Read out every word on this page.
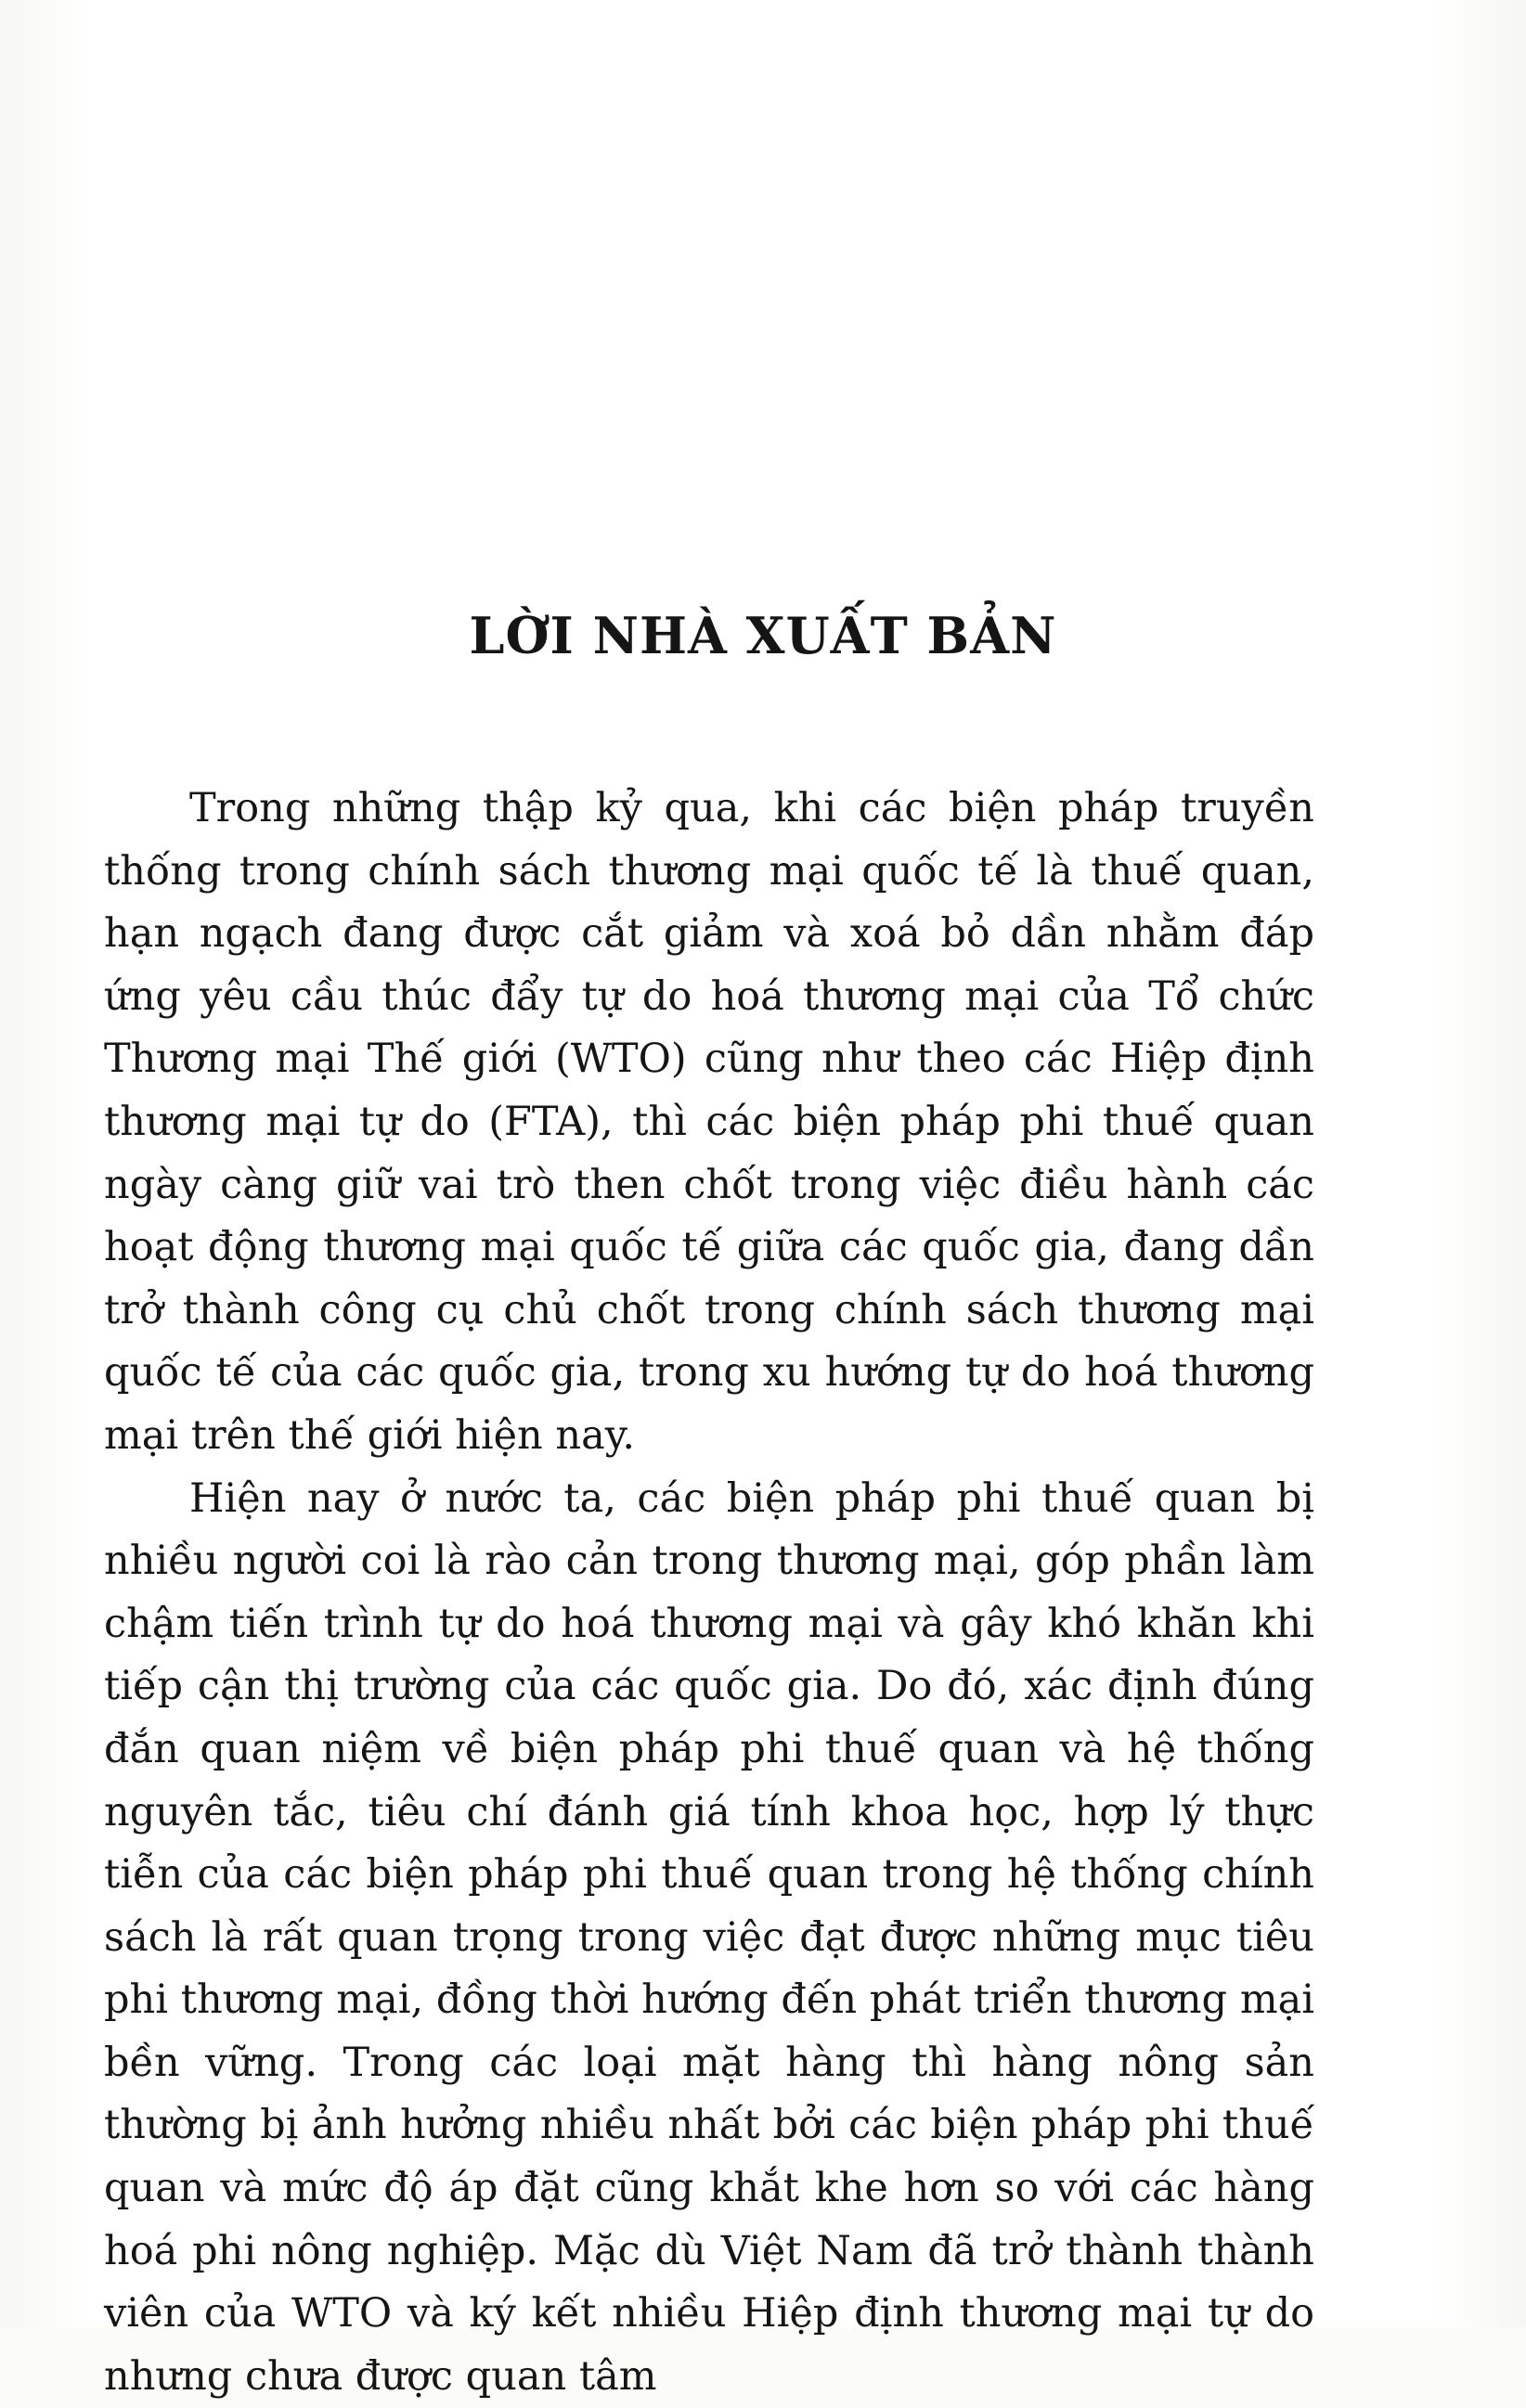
LỜI NHÀ XUẤT BẢN

Trong những thập kỷ qua, khi các biện pháp truyền thống trong chính sách thương mại quốc tế là thuế quan, hạn ngạch đang được cắt giảm và xoá bỏ dần nhằm đáp ứng yêu cầu thúc đẩy tự do hoá thương mại của Tổ chức Thương mại Thế giới (WTO) cũng như theo các Hiệp định thương mại tự do (FTA), thì các biện pháp phi thuế quan ngày càng giữ vai trò then chốt trong việc điều hành các hoạt động thương mại quốc tế giữa các quốc gia, đang dần trở thành công cụ chủ chốt trong chính sách thương mại quốc tế của các quốc gia, trong xu hướng tự do hoá thương mại trên thế giới hiện nay.

Hiện nay ở nước ta, các biện pháp phi thuế quan bị nhiều người coi là rào cản trong thương mại, góp phần làm chậm tiến trình tự do hoá thương mại và gây khó khăn khi tiếp cận thị trường của các quốc gia. Do đó, xác định đúng đắn quan niệm về biện pháp phi thuế quan và hệ thống nguyên tắc, tiêu chí đánh giá tính khoa học, hợp lý thực tiễn của các biện pháp phi thuế quan trong hệ thống chính sách là rất quan trọng trong việc đạt được những mục tiêu phi thương mại, đồng thời hướng đến phát triển thương mại bền vững. Trong các loại mặt hàng thì hàng nông sản thường bị ảnh hưởng nhiều nhất bởi các biện pháp phi thuế quan và mức độ áp đặt cũng khắt khe hơn so với các hàng hoá phi nông nghiệp. Mặc dù Việt Nam đã trở thành thành viên của WTO và ký kết nhiều Hiệp định thương mại tự do nhưng chưa được quan tâm
